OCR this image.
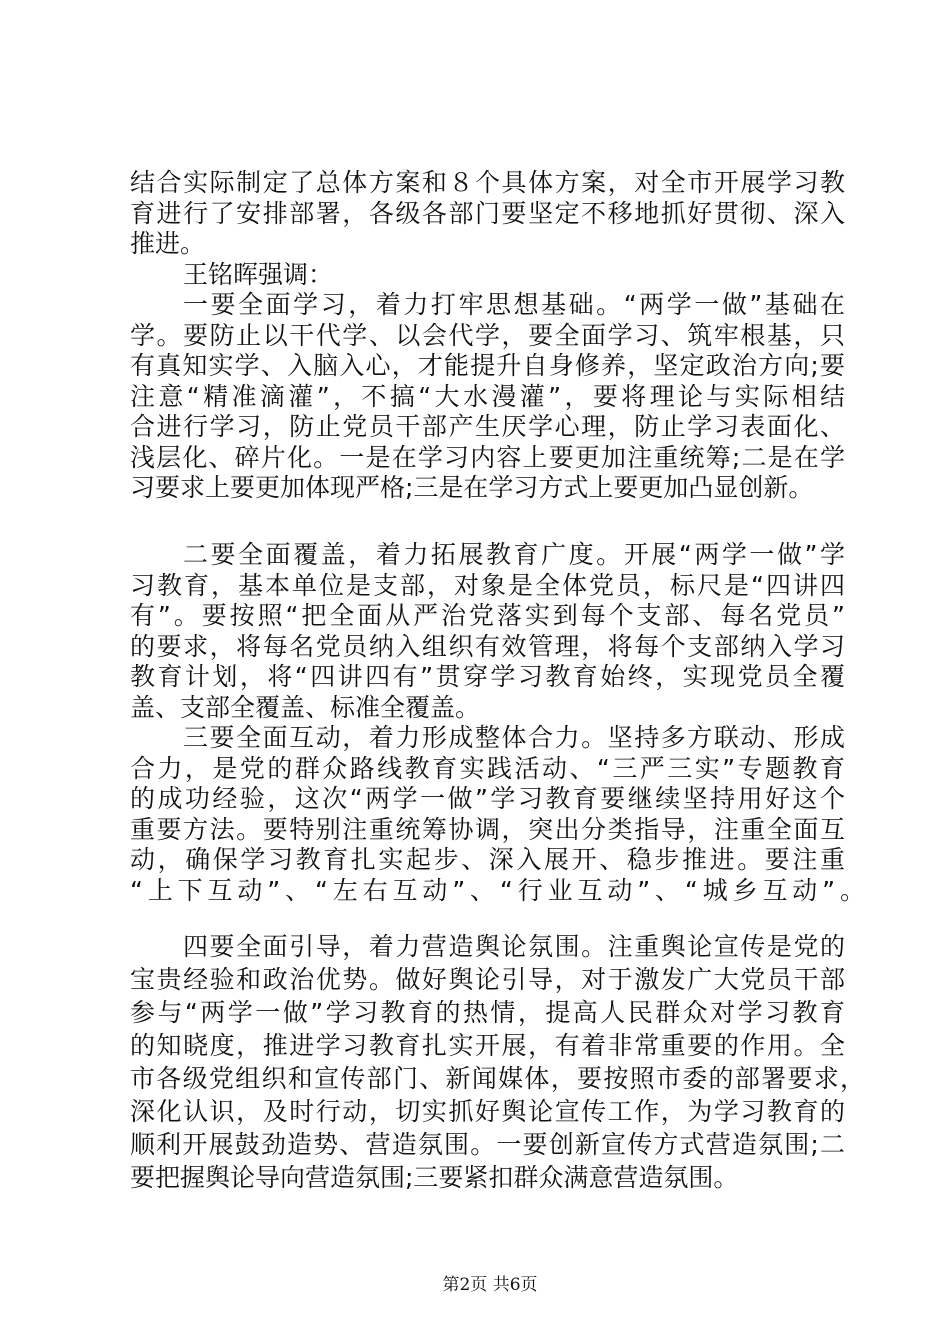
结合实际制定了总体方案和８个具体方案，对全市开展学习教
育进行了安排部署，各级各部门要坚定不移地抓好贯彻、深入
推进。
王铭晖强调：
一要全面学习，着力打牢思想基础。“两学一做”基础在
学。要防止以干代学、以会代学，要全面学习、筑牢根基，只
有真知实学、入脑入心，才能提升自身修养，坚定政治方向;要
注意“精准滴灌”，不搞“大水漫灌”，要将理论与实际相结
合进行学习，防止党员干部产生厌学心理，防止学习表面化、
浅层化、碎片化。一是在学习内容上要更加注重统筹;二是在学
习要求上要更加体现严格;三是在学习方式上要更加凸显创新。
二要全面覆盖，着力拓展教育广度。开展“两学一做”学
习教育，基本单位是支部，对象是全体党员，标尺是“四讲四
有”。要按照“把全面从严治党落实到每个支部、每名党员”
的要求，将每名党员纳入组织有效管理，将每个支部纳入学习
教育计划，将“四讲四有”贯穿学习教育始终，实现党员全覆
盖、支部全覆盖、标准全覆盖。
三要全面互动，着力形成整体合力。坚持多方联动、形成
合力，是党的群众路线教育实践活动、“三严三实”专题教育
的成功经验，这次“两学一做”学习教育要继续坚持用好这个
重要方法。要特别注重统筹协调，突出分类指导，注重全面互
动，确保学习教育扎实起步、深入展开、稳步推进。要注重
“上下互动”、“左右互动”、“行业互动”、“城乡互动”。
四要全面引导，着力营造舆论氛围。注重舆论宣传是党的
宝贵经验和政治优势。做好舆论引导，对于激发广大党员干部
参与“两学一做”学习教育的热情，提高人民群众对学习教育
的知晓度，推进学习教育扎实开展，有着非常重要的作用。全
市各级党组织和宣传部门、新闻媒体，要按照市委的部署要求，
深化认识，及时行动，切实抓好舆论宣传工作，为学习教育的
顺利开展鼓劲造势、营造氛围。一要创新宣传方式营造氛围;二
要把握舆论导向营造氛围;三要紧扣群众满意营造氛围。
第2页 共6页
